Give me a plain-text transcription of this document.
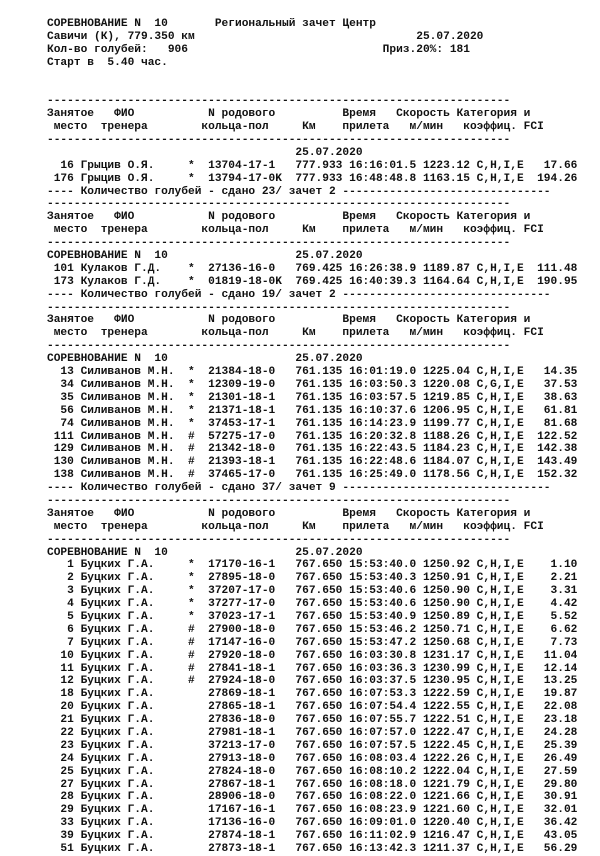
СОРЕВНОВАНИЕ N  10       Региональный зачет Центр
Савичи (К), 779.350 км                                 25.07.2020
Кол-во голубей:   906                             Приз.20%: 181
Старт в  5.40 час.
---------------------------------------------------------------------
Занятое   ФИО           N родового          Время   Скорость Категория и
место  тренера        кольца-пол     Км    прилета   м/мин   коэффиц. FCI
---------------------------------------------------------------------
25.07.2020
16 Грыцив О.Я.     *  13704-17-1   777.933 16:16:01.5 1223.12 C,H,I,E   17.66
176 Грыцив О.Я.     *  13794-17-0K  777.933 16:48:48.8 1163.15 C,H,I,E  194.26
---- Количество голубей - сдано 23/ зачет 2 -------------------------------
---------------------------------------------------------------------
Занятое   ФИО           N родового          Время   Скорость Категория и
место  тренера        кольца-пол     Км    прилета   м/мин   коэффиц. FCI
---------------------------------------------------------------------
СОРЕВНОВАНИЕ N  10                   25.07.2020
101 Кулаков Г.Д.    *  27136-16-0   769.425 16:26:38.9 1189.87 C,H,I,E  111.48
173 Кулаков Г.Д.    *  01819-18-0K  769.425 16:40:39.3 1164.64 C,H,I,E  190.95
---- Количество голубей - сдано 19/ зачет 2 -------------------------------
---------------------------------------------------------------------
Занятое   ФИО           N родового          Время   Скорость Категория и
место  тренера        кольца-пол     Км    прилета   м/мин   коэффиц. FCI
---------------------------------------------------------------------
СОРЕВНОВАНИЕ N  10                   25.07.2020
13 Силиванов М.Н.  *  21384-18-0   761.135 16:01:19.0 1225.04 C,H,I,E   14.35
34 Силиванов М.Н.  *  12309-19-0   761.135 16:03:50.3 1220.08 C,G,I,E   37.53
35 Силиванов М.Н.  *  21301-18-1   761.135 16:03:57.5 1219.85 C,H,I,E   38.63
56 Силиванов М.Н.  *  21371-18-1   761.135 16:10:37.6 1206.95 C,H,I,E   61.81
74 Силиванов М.Н.  *  37453-17-1   761.135 16:14:23.9 1199.77 C,H,I,E   81.68
111 Силиванов М.Н.  #  57275-17-0   761.135 16:20:32.8 1188.26 C,H,I,E  122.52
129 Силиванов М.Н.  #  21342-18-0   761.135 16:22:43.5 1184.23 C,H,I,E  142.38
130 Силиванов М.Н.  #  21393-18-1   761.135 16:22:48.6 1184.07 C,H,I,E  143.49
138 Силиванов М.Н.  #  37465-17-0   761.135 16:25:49.0 1178.56 C,H,I,E  152.32
---- Количество голубей - сдано 37/ зачет 9 -------------------------------
---------------------------------------------------------------------
Занятое   ФИО           N родового          Время   Скорость Категория и
место  тренера        кольца-пол     Км    прилета   м/мин   коэффиц. FCI
---------------------------------------------------------------------
СОРЕВНОВАНИЕ N  10                   25.07.2020
1 Буцких Г.А.     *  17170-16-1   767.650 15:53:40.0 1250.92 C,H,I,E    1.10
2 Буцких Г.А.     *  27895-18-0   767.650 15:53:40.3 1250.91 C,H,I,E    2.21
3 Буцких Г.А.     *  37207-17-0   767.650 15:53:40.6 1250.90 C,H,I,E    3.31
4 Буцких Г.А.     *  37277-17-0   767.650 15:53:40.6 1250.90 C,H,I,E    4.42
5 Буцких Г.А.     *  37023-17-1   767.650 15:53:40.9 1250.89 C,H,I,E    5.52
6 Буцких Г.А.     #  27900-18-0   767.650 15:53:46.2 1250.71 C,H,I,E    6.62
7 Буцких Г.А.     #  17147-16-0   767.650 15:53:47.2 1250.68 C,H,I,E    7.73
10 Буцких Г.А.     #  27920-18-0   767.650 16:03:30.8 1231.17 C,H,I,E   11.04
11 Буцких Г.А.     #  27841-18-1   767.650 16:03:36.3 1230.99 C,H,I,E   12.14
12 Буцких Г.А.     #  27924-18-0   767.650 16:03:37.5 1230.95 C,H,I,E   13.25
18 Буцких Г.А.        27869-18-1   767.650 16:07:53.3 1222.59 C,H,I,E   19.87
20 Буцких Г.А.        27865-18-1   767.650 16:07:54.4 1222.55 C,H,I,E   22.08
21 Буцких Г.А.        27836-18-0   767.650 16:07:55.7 1222.51 C,H,I,E   23.18
22 Буцких Г.А.        27981-18-1   767.650 16:07:57.0 1222.47 C,H,I,E   24.28
23 Буцких Г.А.        37213-17-0   767.650 16:07:57.5 1222.45 C,H,I,E   25.39
24 Буцких Г.А.        27913-18-0   767.650 16:08:03.4 1222.26 C,H,I,E   26.49
25 Буцких Г.А.        27824-18-0   767.650 16:08:10.2 1222.04 C,H,I,E   27.59
27 Буцких Г.А.        27867-18-1   767.650 16:08:18.0 1221.79 C,H,I,E   29.80
28 Буцких Г.А.        28906-18-0   767.650 16:08:22.0 1221.66 C,H,I,E   30.91
29 Буцких Г.А.        17167-16-1   767.650 16:08:23.9 1221.60 C,H,I,E   32.01
33 Буцких Г.А.        17136-16-0   767.650 16:09:01.0 1220.40 C,H,I,E   36.42
39 Буцких Г.А.        27874-18-1   767.650 16:11:02.9 1216.47 C,H,I,E   43.05
51 Буцких Г.А.        27873-18-1   767.650 16:13:42.3 1211.37 C,H,I,E   56.29
